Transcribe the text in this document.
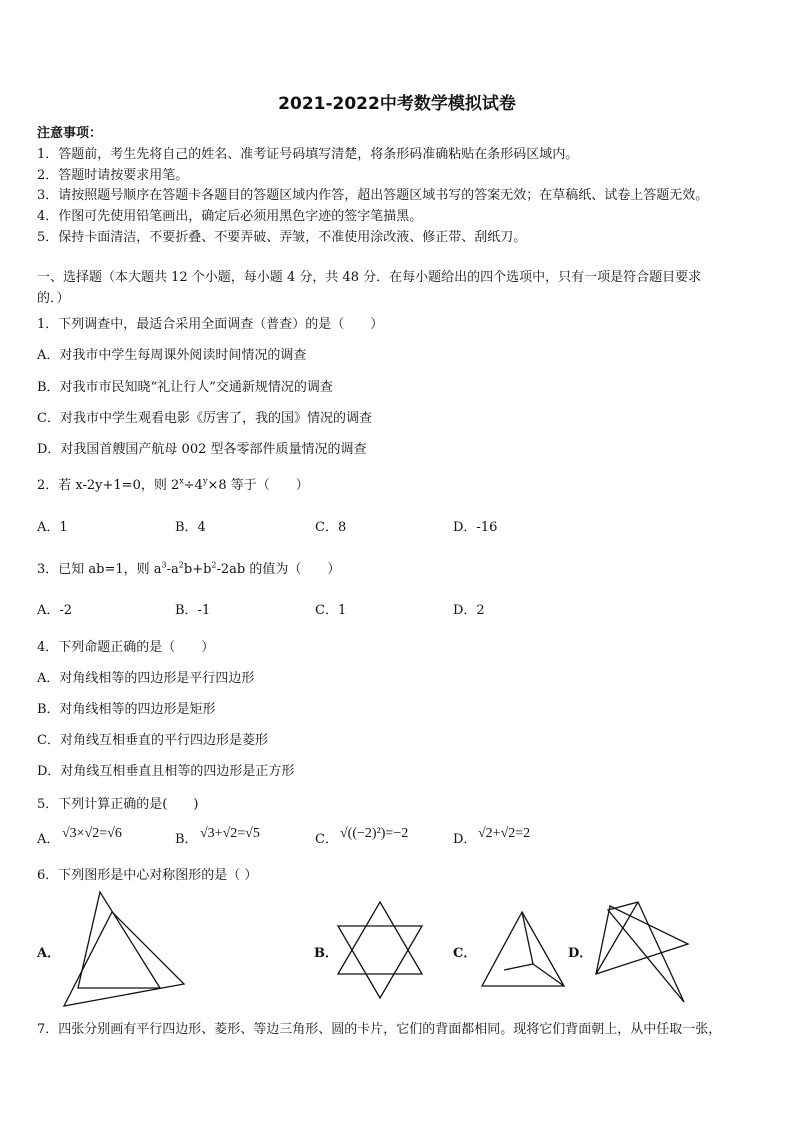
2021-2022中考数学模拟试卷
注意事项：
1．答题前，考生先将自己的姓名、准考证号码填写清楚，将条形码准确粘贴在条形码区域内。
2．答题时请按要求用笔。
3．请按照题号顺序在答题卡各题目的答题区域内作答，超出答题区域书写的答案无效；在草稿纸、试卷上答题无效。
4．作图可先使用铅笔画出，确定后必须用黑色字迹的签字笔描黑。
5．保持卡面清洁，不要折叠、不要弄破、弄皱，不准使用涂改液、修正带、刮纸刀。
一、选择题（本大题共 12 个小题，每小题 4 分，共 48 分．在每小题给出的四个选项中，只有一项是符合题目要求
的．）
1．下列调查中，最适合采用全面调查（普查）的是（　　）
A．对我市中学生每周课外阅读时间情况的调查
B．对我市市民知晓“礼让行人”交通新规情况的调查
C．对我市中学生观看电影《厉害了，我的国》情况的调查
D．对我国首艘国产航母 002 型各零部件质量情况的调查
2．若 x-2y+1=0，则 $2^x\div 4^y\times 8$ 等于（　　）
A．1	B．4	C．8	D．-16
3．已知 ab=1，则 $a^3-a^2b+b^2-2ab$ 的值为（　　）
A．-2	B．-1	C．1	D．2
4．下列命题正确的是（　　）
A．对角线相等的四边形是平行四边形
B．对角线相等的四边形是矩形
C．对角线互相垂直的平行四边形是菱形
D．对角线互相垂直且相等的四边形是正方形
5．下列计算正确的是(　　)
A． √3×√2=√6	B． √3+√2=√5	C． √((−2)²)=−2	D． √2+√2=2
6．下列图形是中心对称图形的是（ ）
A．	B．	C．	D．
7．四张分别画有平行四边形、菱形、等边三角形、圆的卡片，它们的背面都相同。现将它们背面朝上，从中任取一张，
